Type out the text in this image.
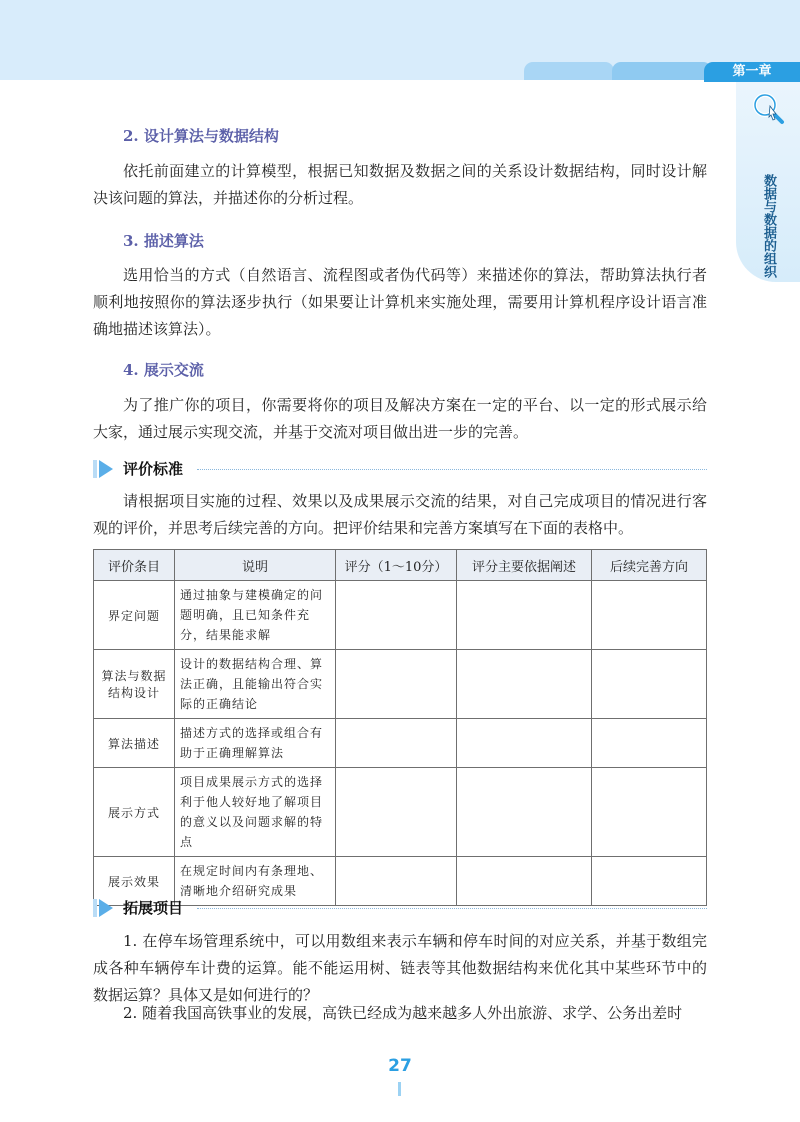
第一章
数据与数据的组织
2. 设计算法与数据结构

依托前面建立的计算模型，根据已知数据及数据之间的关系设计数据结构，同时设计解决该问题的算法，并描述你的分析过程。

3. 描述算法

选用恰当的方式（自然语言、流程图或者伪代码等）来描述你的算法，帮助算法执行者顺利地按照你的算法逐步执行（如果要让计算机来实施处理，需要用计算机程序设计语言准确地描述该算法）。

4. 展示交流

为了推广你的项目，你需要将你的项目及解决方案在一定的平台、以一定的形式展示给大家，通过展示实现交流，并基于交流对项目做出进一步的完善。

评价标准

请根据项目实施的过程、效果以及成果展示交流的结果，对自己完成项目的情况进行客观的评价，并思考后续完善的方向。把评价结果和完善方案填写在下面的表格中。

评价条目	说明	评分（1～10分）	评分主要依据阐述	后续完善方向
界定问题	通过抽象与建模确定的问题明确，且已知条件充分，结果能求解			
算法与数据结构设计	设计的数据结构合理、算法正确，且能输出符合实际的正确结论			
算法描述	描述方式的选择或组合有助于正确理解算法			
展示方式	项目成果展示方式的选择利于他人较好地了解项目的意义以及问题求解的特点			
展示效果	在规定时间内有条理地、清晰地介绍研究成果			
拓展项目

1. 在停车场管理系统中，可以用数组来表示车辆和停车时间的对应关系，并基于数组完成各种车辆停车计费的运算。能不能运用树、链表等其他数据结构来优化其中某些环节中的数据运算？具体又是如何进行的？

2. 随着我国高铁事业的发展，高铁已经成为越来越多人外出旅游、求学、公务出差时

27
